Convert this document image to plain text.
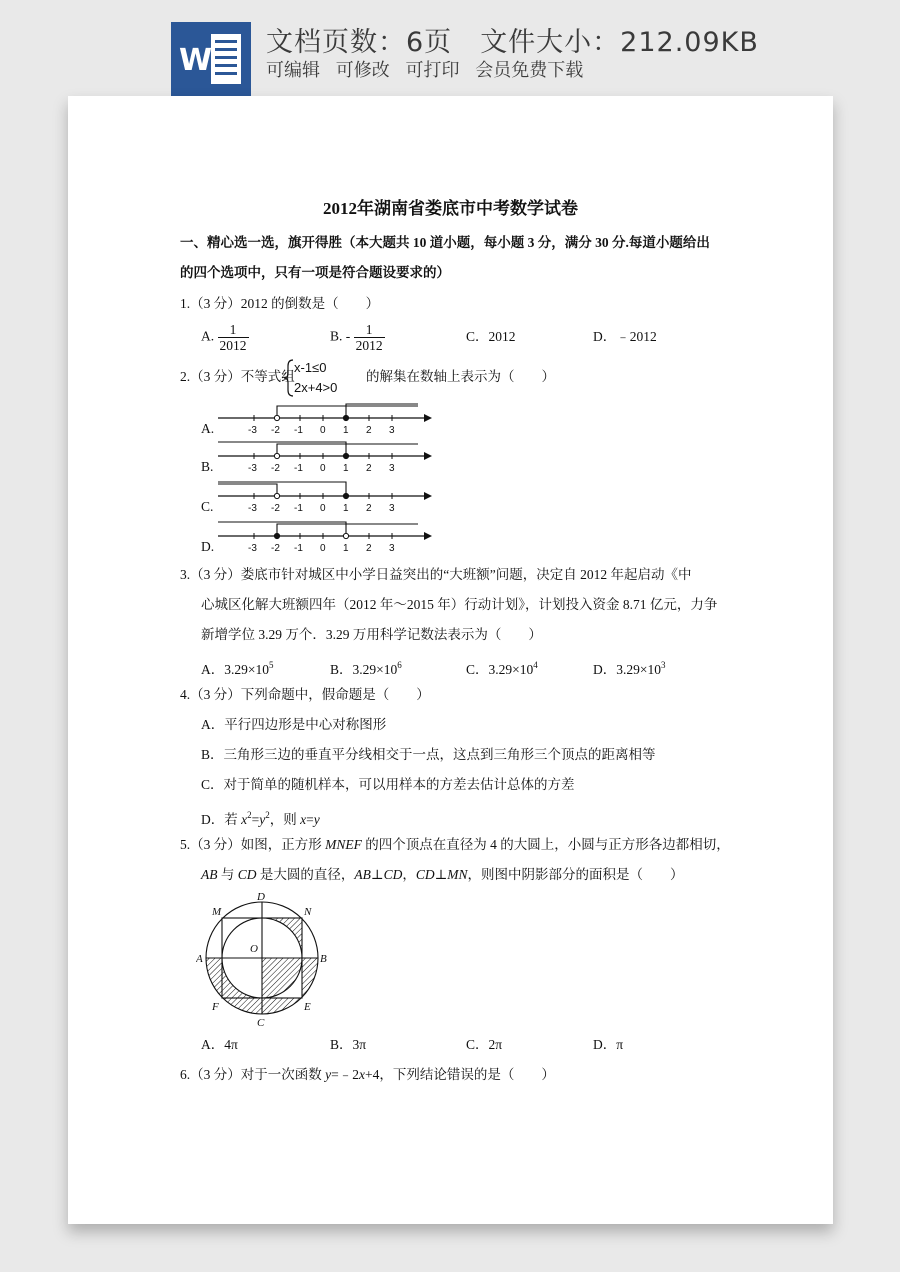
W
文档页数：6页 文件大小：212.09KB
可编辑 可修改 可打印 会员免费下载
2012年湖南省娄底市中考数学试卷
一、精心选一选，旗开得胜（本大题共 10 道小题，每小题 3 分，满分 30 分.每道小题给出
的四个选项中，只有一项是符合题设要求的）
1.（3 分）2012 的倒数是（　　）
A. $\frac{1}{2012}$	B. - $\frac{1}{2012}$	C．2012	D．﹣2012
2.（3 分）不等式组
x-1≤0
2x+4>0
的解集在数轴上表示为（　　）
A.
B.
C.
D.
-3 -2 -1 0 1 2 3
-3 -2 -1 0 1 2 3
-3 -2 -1 0 1 2 3
-3 -2 -1 0 1 2 3
3.（3 分）娄底市针对城区中小学日益突出的“大班额”问题，决定自 2012 年起启动《中
心城区化解大班额四年（2012 年～2015 年）行动计划》，计划投入资金 8.71 亿元，力争
新增学位 3.29 万个．3.29 万用科学记数法表示为（　　）
A．$3.29\times 10^5$	B．$3.29\times 10^6$	C．$3.29\times 10^4$	D．$3.29\times 10^3$
4.（3 分）下列命题中，假命题是（　　）
A．平行四边形是中心对称图形
B．三角形三边的垂直平分线相交于一点，这点到三角形三个顶点的距离相等
C．对于简单的随机样本，可以用样本的方差去估计总体的方差
D．若 $x^2=y^2$，则 x=y
5.（3 分）如图，正方形 MNEF 的四个顶点在直径为 4 的大圆上，小圆与正方形各边都相切，
AB 与 CD 是大圆的直径，AB⊥CD，CD⊥MN，则图中阴影部分的面积是（　　）
D
M	N
O
A	B
F	E
C
A．4π	B．3π	C．2π	D．π
6.（3 分）对于一次函数 y=﹣2x+4，下列结论错误的是（　　）
